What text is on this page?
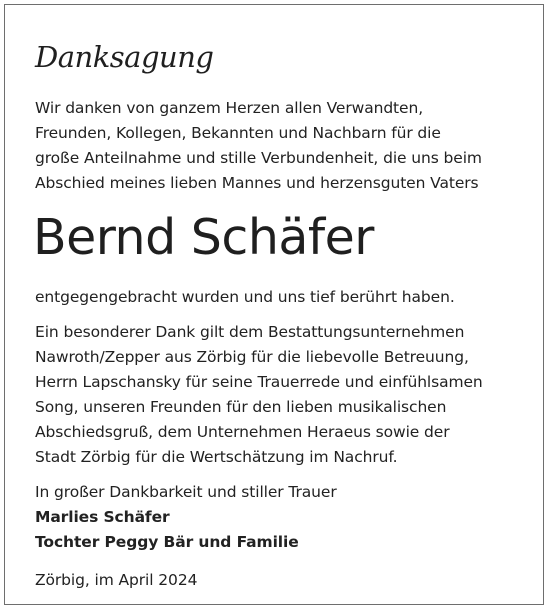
Danksagung

Wir danken von ganzem Herzen allen Verwandten,
Freunden, Kollegen, Bekannten und Nachbarn für die
große Anteilnahme und stille Verbundenheit, die uns beim
Abschied meines lieben Mannes und herzensguten Vaters

Bernd Schäfer

entgegengebracht wurden und uns tief berührt haben.

Ein besonderer Dank gilt dem Bestattungsunternehmen
Nawroth/Zepper aus Zörbig für die liebevolle Betreuung,
Herrn Lapschansky für seine Trauerrede und einfühlsamen
Song, unseren Freunden für den lieben musikalischen
Abschiedsgruß, dem Unternehmen Heraeus sowie der
Stadt Zörbig für die Wertschätzung im Nachruf.

In großer Dankbarkeit und stiller Trauer
Marlies Schäfer
Tochter Peggy Bär und Familie

Zörbig, im April 2024
